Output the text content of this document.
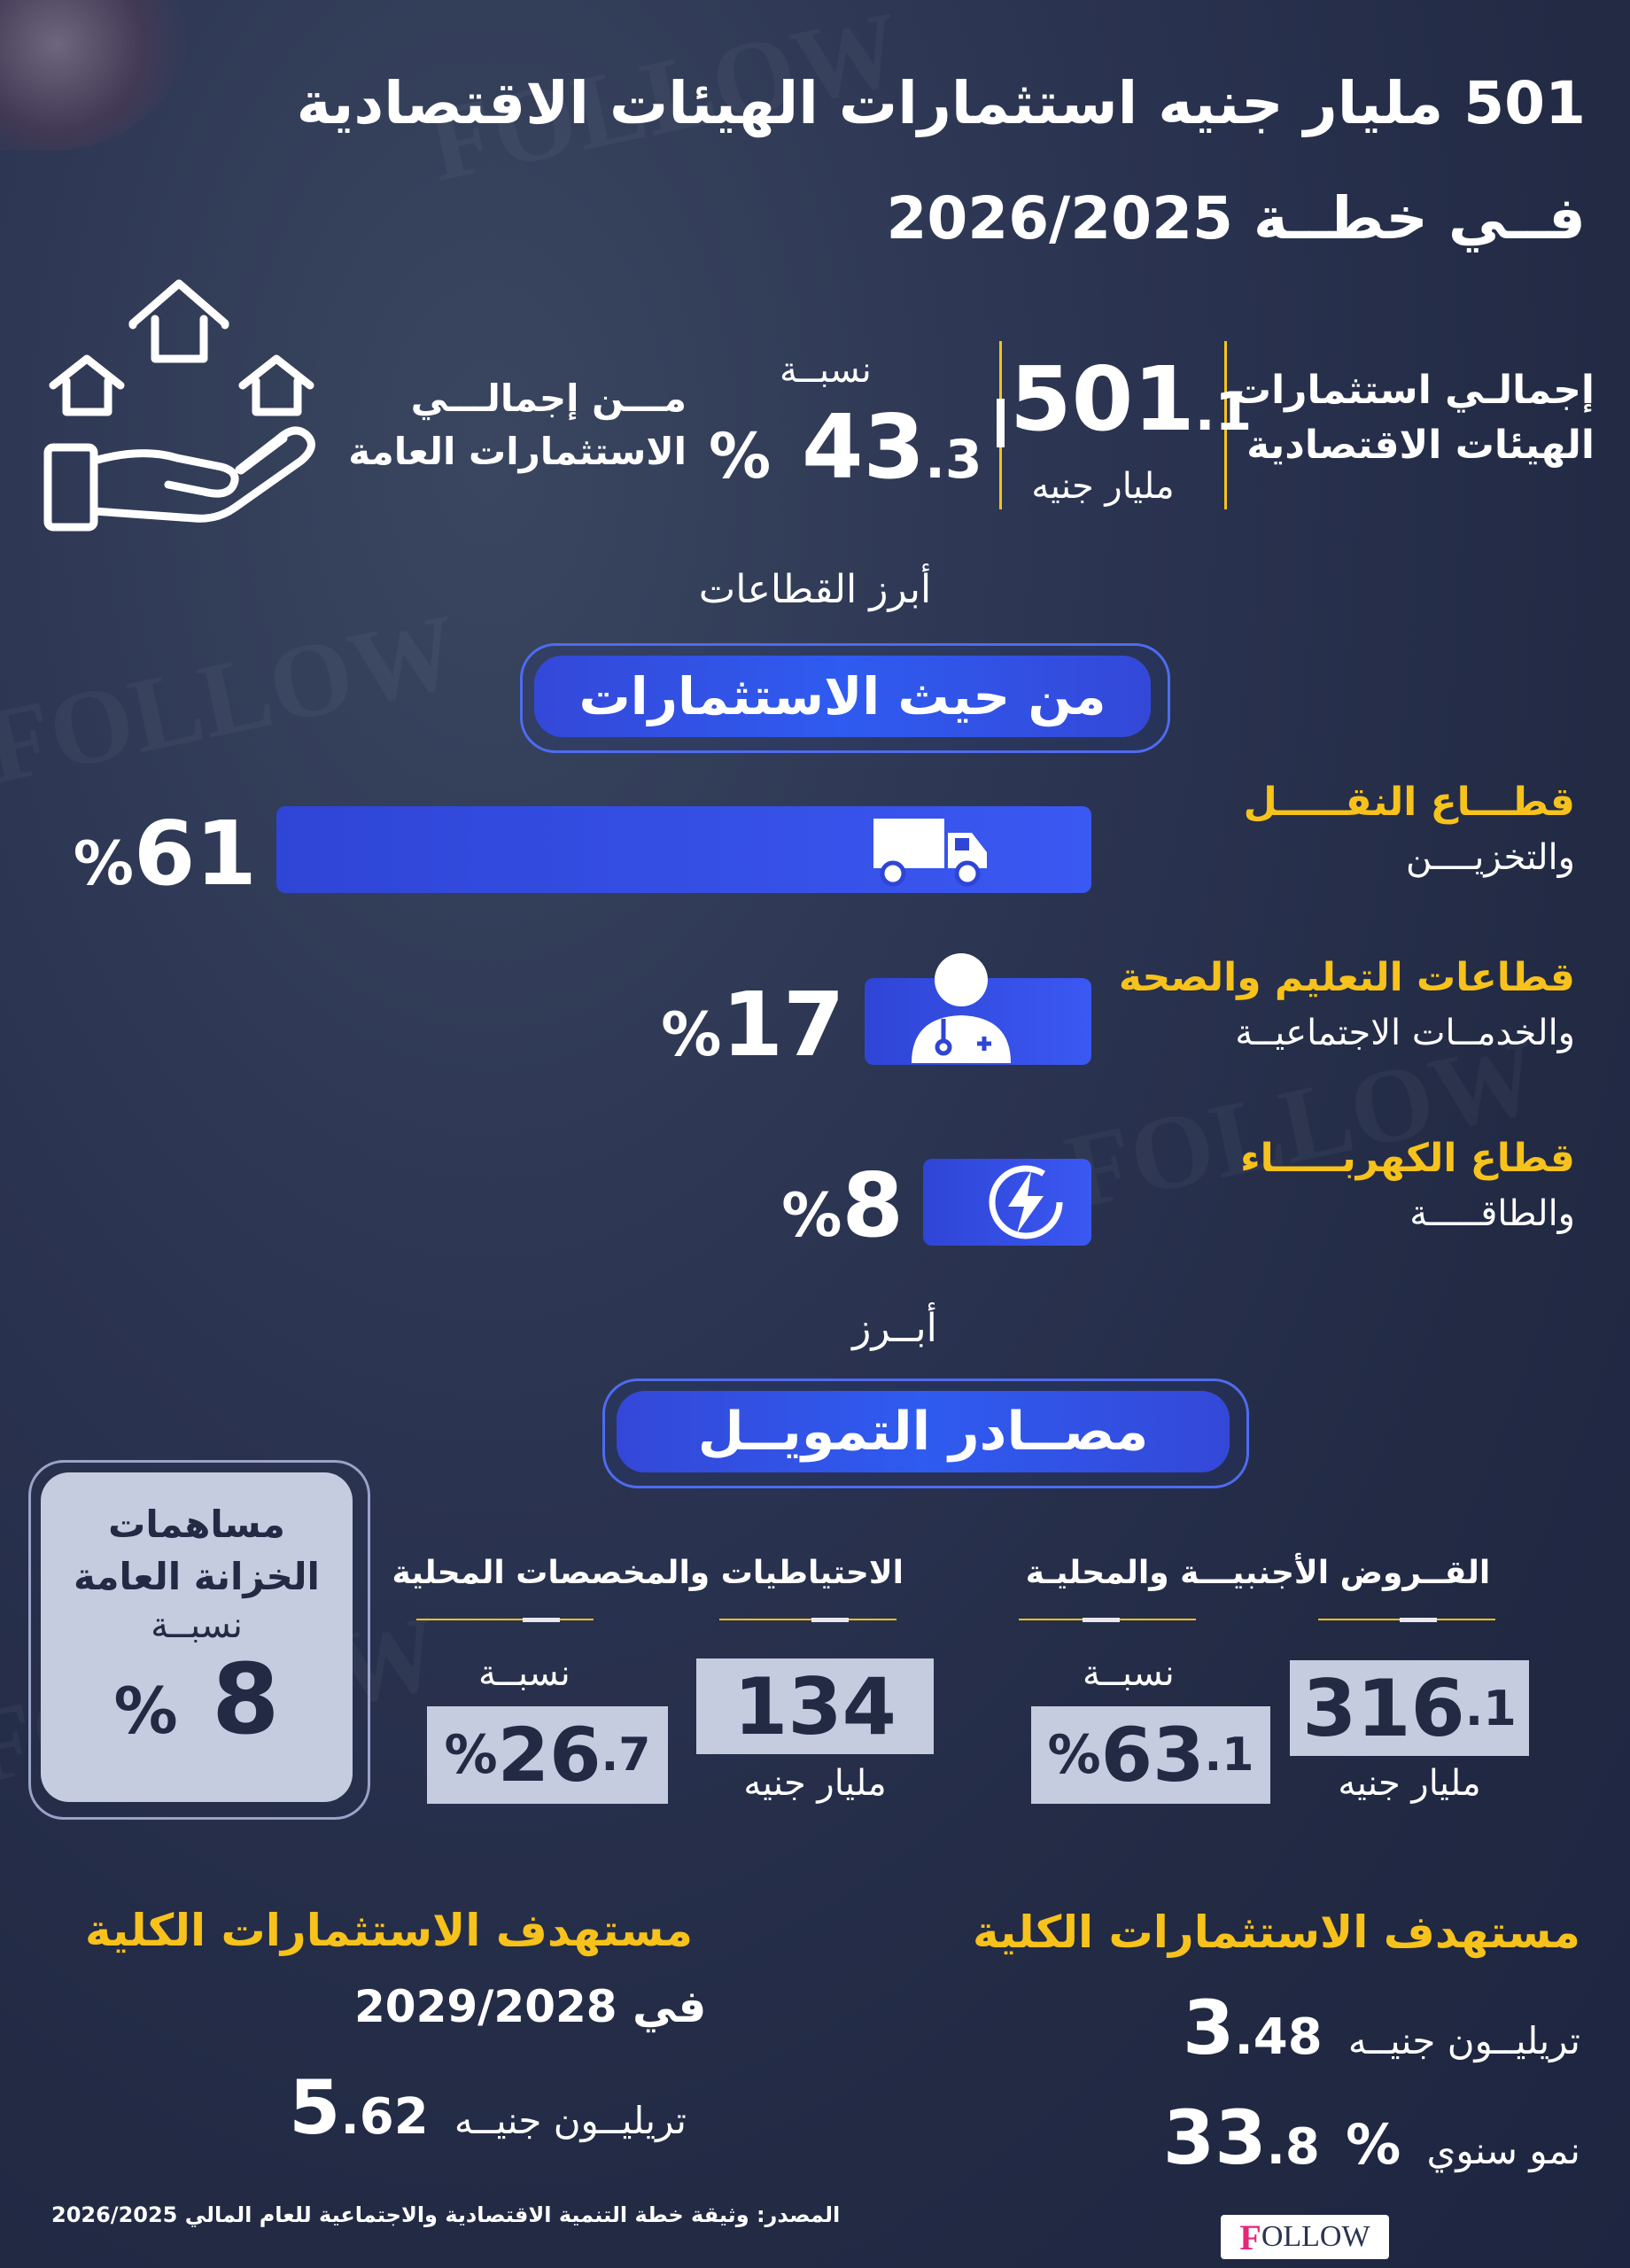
501 مليار جنيه استثمارات الهيئات الاقتصادية
فــي خطــة 2026/2025
إجمالـي استثمارات
الهيئات الاقتصادية
501.1
مليار جنيه
نسبــة
% 43.3
مـــن إجمالـــي
الاستثمارات العامة
أبرز القطاعات
من حيث الاستثمارات
قطـــاع النقـــــل
والتخزيــــن
%61
قطاعات التعليم والصحة
والخدمــات الاجتماعيــة
%17
قطاع الكهربـــــاء
والطاقـــــة
%8
أبــرز
مصــادر التمويــل
مساهمات
الخزانة العامة
نسبــة
% 8
الاحتياطيات والمخصصات المحلية
134
مليار جنيه
نسبــة
% 26 .7
القــروض الأجنبيـــة والمحليـة
316 .1
مليار جنيه
نسبــة
% 63 .1
مستهدف الاستثمارات الكلية
تريليــون جنيــه 3.48
نمو سنوي % 33.8
مستهدف الاستثمارات الكلية
2029/2028 في
تريليــون جنيــه 5.62
المصدر: وثيقة خطة التنمية الاقتصادية والاجتماعية للعام المالي 2026/2025
F OLLOW
